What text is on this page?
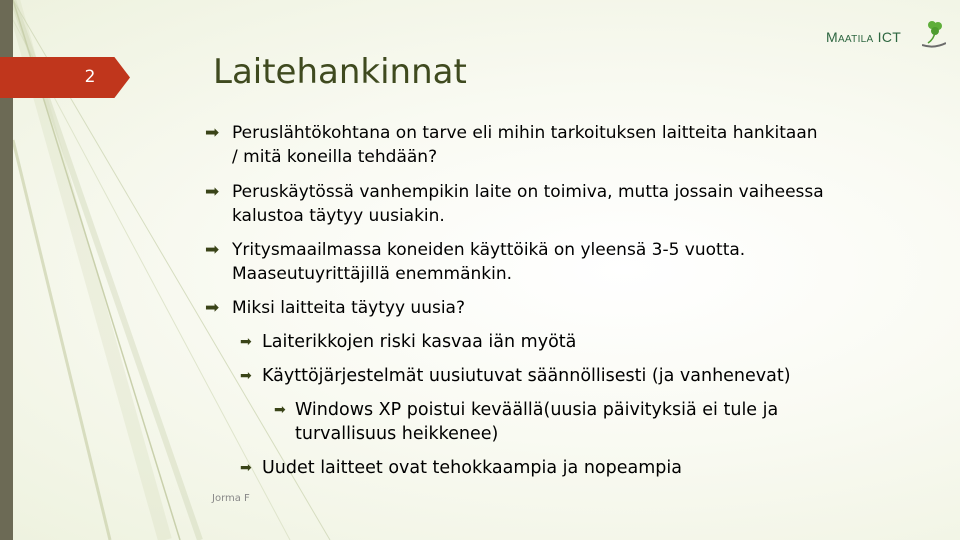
2	Laitehankinnat
Maatila ICT
➡ Peruslähtökohtana on tarve eli mihin tarkoituksen laitteita hankitaan
/ mitä koneilla tehdään?
➡ Peruskäytössä vanhempikin laite on toimiva, mutta jossain vaiheessa
kalustoa täytyy uusiakin.
➡ Yritysmaailmassa koneiden käyttöikä on yleensä 3-5 vuotta.
Maaseutuyrittäjillä enemmänkin.
➡ Miksi laitteita täytyy uusia?
➡ Laiterikkojen riski kasvaa iän myötä
➡ Käyttöjärjestelmät uusiutuvat säännöllisesti (ja vanhenevat)
➡ Windows XP poistui keväällä(uusia päivityksiä ei tule ja
turvallisuus heikkenee)
➡ Uudet laitteet ovat tehokkaampia ja nopeampia
Jorma F
